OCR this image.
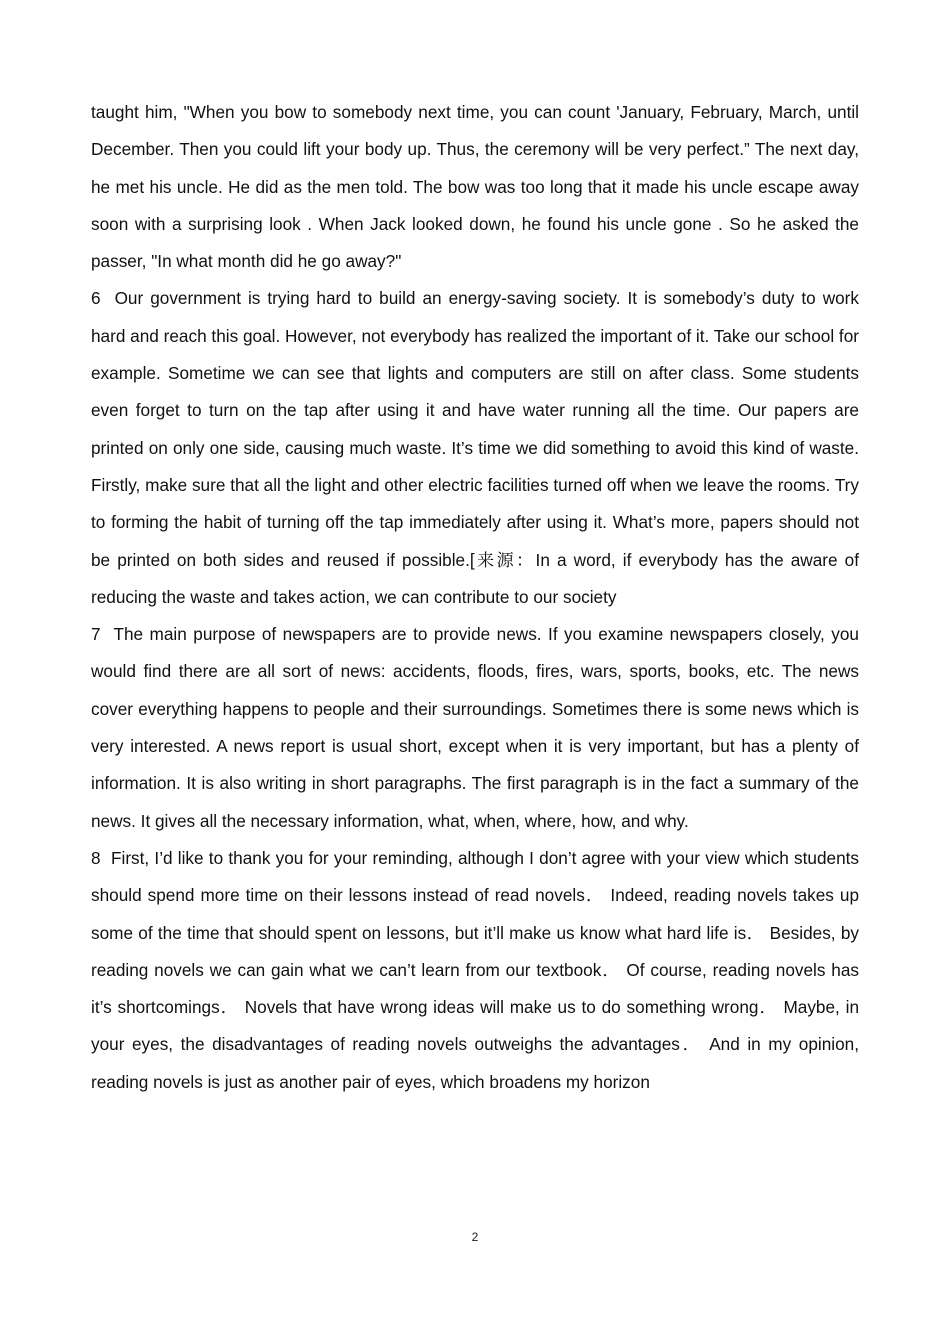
taught him, "When you bow to somebody next time, you can count 'January, February, March, until December. Then you could lift your body up. Thus, the ceremony will be very perfect.” The next day, he met his uncle. He did as the men told. The bow was too long that it made his uncle escape away soon with a surprising look . When Jack looked down, he found his uncle gone . So he asked the passer, "In what month did he go away?"

6 Our government is trying hard to build an energy-saving society. It is somebody’s duty to work hard and reach this goal. However, not everybody has realized the important of it. Take our school for example. Sometime we can see that lights and computers are still on after class. Some students even forget to turn on the tap after using it and have water running all the time. Our papers are printed on only one side, causing much waste. It’s time we did something to avoid this kind of waste. Firstly, make sure that all the light and other electric facilities turned off when we leave the rooms. Try to forming the habit of turning off the tap immediately after using it. What’s more, papers should not be printed on both sides and reused if possible.[来源：In a word, if everybody has the aware of reducing the waste and takes action, we can contribute to our society

7 The main purpose of newspapers are to provide news. If you examine newspapers closely, you would find there are all sort of news: accidents, floods, fires, wars, sports, books, etc. The news cover everything happens to people and their surroundings. Sometimes there is some news which is very interested. A news report is usual short, except when it is very important, but has a plenty of information. It is also writing in short paragraphs. The first paragraph is in the fact a summary of the news. It gives all the necessary information, what, when, where, how, and why.

8 First, I’d like to thank you for your reminding, although I don’t agree with your view which students should spend more time on their lessons instead of read novels． Indeed, reading novels takes up some of the time that should spent on lessons, but it’ll make us know what hard life is． Besides, by reading novels we can gain what we can’t learn from our textbook． Of course, reading novels has it’s shortcomings． Novels that have wrong ideas will make us to do something wrong． Maybe, in your eyes, the disadvantages of reading novels outweighs the advantages． And in my opinion, reading novels is just as another pair of eyes, which broadens my horizon

2
